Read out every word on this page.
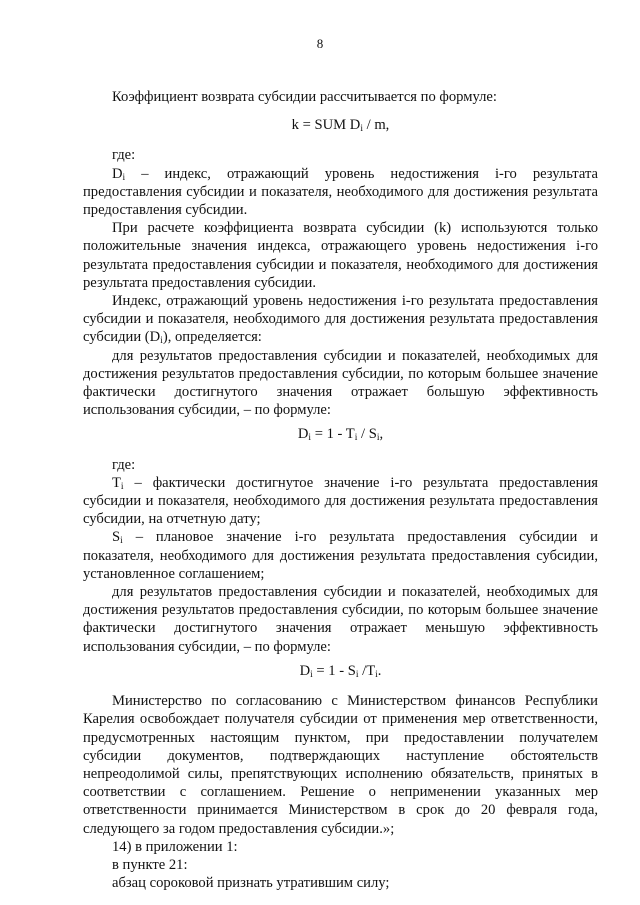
8

Коэффициент возврата субсидии рассчитывается по формуле:

k = SUM $D_i$ / m,

где:

$D_i$ – индекс, отражающий уровень недостижения i-го результата предоставления субсидии и показателя, необходимого для достижения результата предоставления субсидии.

При расчете коэффициента возврата субсидии (k) используются только положительные значения индекса, отражающего уровень недостижения i-го результата предоставления субсидии и показателя, необходимого для достижения результата предоставления субсидии.

Индекс, отражающий уровень недостижения i-го результата предоставления субсидии и показателя, необходимого для достижения результата предоставления субсидии $(D_i)$, определяется:

для результатов предоставления субсидии и показателей, необходимых для достижения результатов предоставления субсидии, по которым большее значение фактически достигнутого значения отражает большую эффективность использования субсидии, – по формуле:

$D_i = 1 - T_i / S_i$,

где:

$T_i$ – фактически достигнутое значение i-го результата предоставления субсидии и показателя, необходимого для достижения результата предоставления субсидии, на отчетную дату;

$S_i$ – плановое значение i-го результата предоставления субсидии и показателя, необходимого для достижения результата предоставления субсидии, установленное соглашением;

для результатов предоставления субсидии и показателей, необходимых для достижения результатов предоставления субсидии, по которым большее значение фактически достигнутого значения отражает меньшую эффективность использования субсидии, – по формуле:

$D_i = 1 - S_i$ $/T_i$.

Министерство по согласованию с Министерством финансов Республики Карелия освобождает получателя субсидии от применения мер ответственности, предусмотренных настоящим пунктом, при предоставлении получателем субсидии документов, подтверждающих наступление обстоятельств непреодолимой силы, препятствующих исполнению обязательств, принятых в соответствии с соглашением. Решение о неприменении указанных мер ответственности принимается Министерством в срок до 20 февраля года, следующего за годом предоставления субсидии.»;

14) в приложении 1:

в пункте 21:

абзац сороковой признать утратившим силу;
